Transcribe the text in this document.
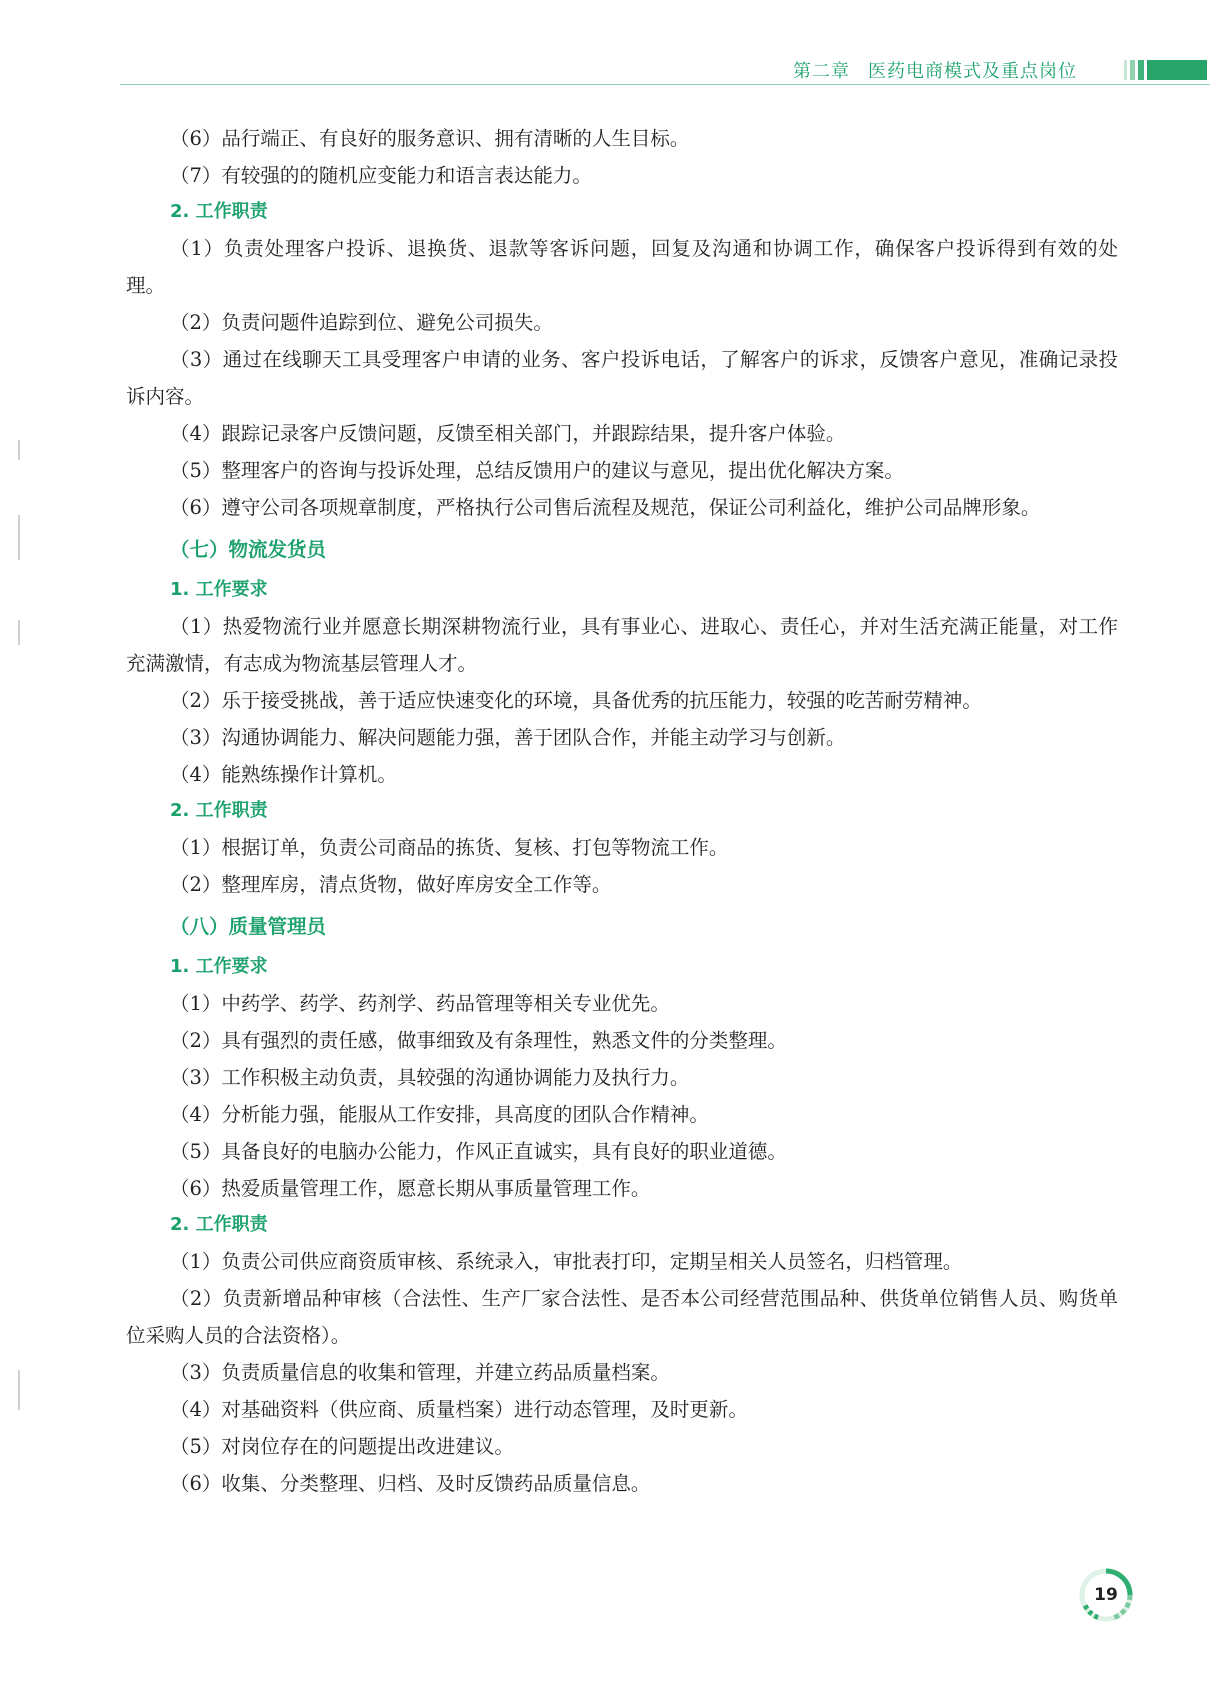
第二章 医药电商模式及重点岗位

（6）品行端正、有良好的服务意识、拥有清晰的人生目标。

（7）有较强的的随机应变能力和语言表达能力。

2. 工作职责

（1）负责处理客户投诉、退换货、退款等客诉问题，回复及沟通和协调工作，确保客户投诉得到有效的处理。

（2）负责问题件追踪到位、避免公司损失。

（3）通过在线聊天工具受理客户申请的业务、客户投诉电话，了解客户的诉求，反馈客户意见，准确记录投诉内容。

（4）跟踪记录客户反馈问题，反馈至相关部门，并跟踪结果，提升客户体验。

（5）整理客户的咨询与投诉处理，总结反馈用户的建议与意见，提出优化解决方案。

（6）遵守公司各项规章制度，严格执行公司售后流程及规范，保证公司利益化，维护公司品牌形象。

（七）物流发货员

1. 工作要求

（1）热爱物流行业并愿意长期深耕物流行业，具有事业心、进取心、责任心，并对生活充满正能量，对工作充满激情，有志成为物流基层管理人才。

（2）乐于接受挑战，善于适应快速变化的环境，具备优秀的抗压能力，较强的吃苦耐劳精神。

（3）沟通协调能力、解决问题能力强，善于团队合作，并能主动学习与创新。

（4）能熟练操作计算机。

2. 工作职责

（1）根据订单，负责公司商品的拣货、复核、打包等物流工作。

（2）整理库房，清点货物，做好库房安全工作等。

（八）质量管理员

1. 工作要求

（1）中药学、药学、药剂学、药品管理等相关专业优先。

（2）具有强烈的责任感，做事细致及有条理性，熟悉文件的分类整理。

（3）工作积极主动负责，具较强的沟通协调能力及执行力。

（4）分析能力强，能服从工作安排，具高度的团队合作精神。

（5）具备良好的电脑办公能力，作风正直诚实，具有良好的职业道德。

（6）热爱质量管理工作，愿意长期从事质量管理工作。

2. 工作职责

（1）负责公司供应商资质审核、系统录入，审批表打印，定期呈相关人员签名，归档管理。

（2）负责新增品种审核（合法性、生产厂家合法性、是否本公司经营范围品种、供货单位销售人员、购货单位采购人员的合法资格）。

（3）负责质量信息的收集和管理，并建立药品质量档案。

（4）对基础资料（供应商、质量档案）进行动态管理，及时更新。

（5）对岗位存在的问题提出改进建议。

（6）收集、分类整理、归档、及时反馈药品质量信息。

19
